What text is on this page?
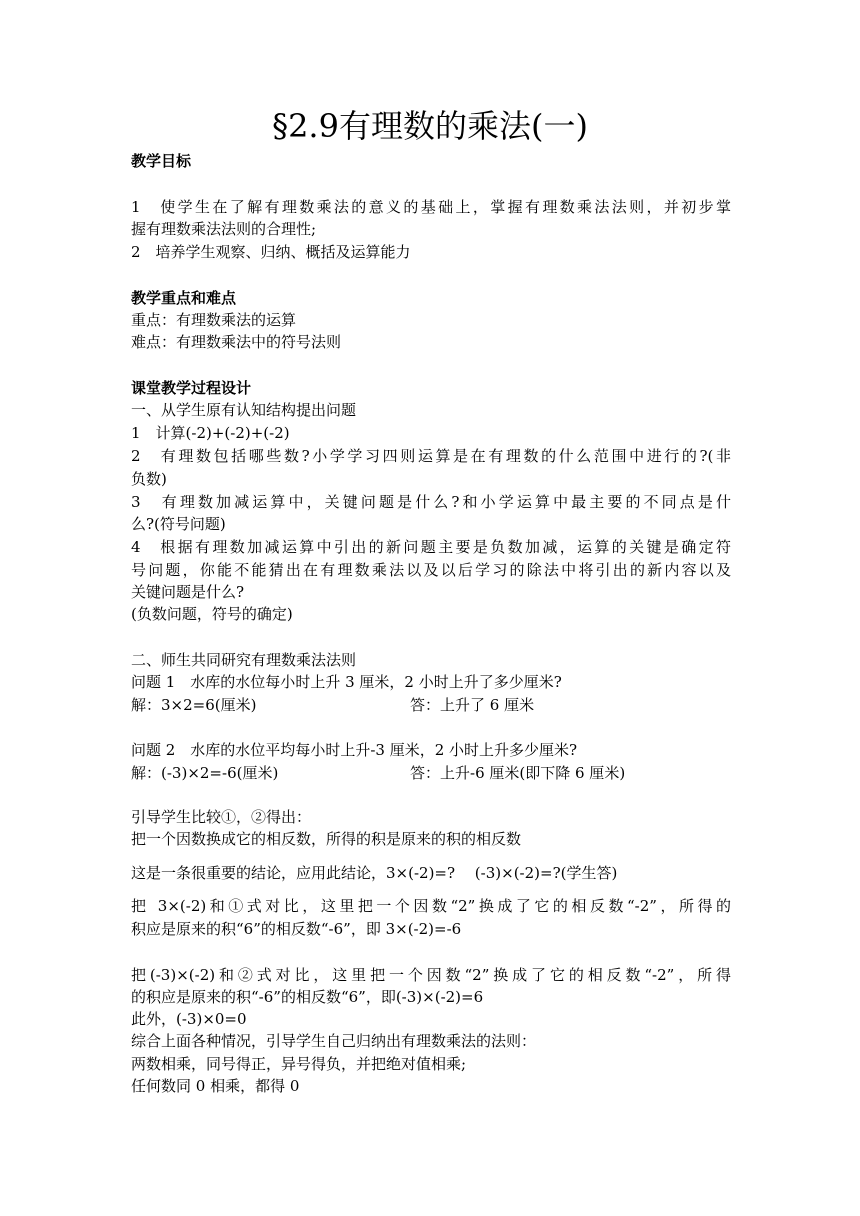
§2.9有理数的乘法(一)

教学目标

1　使学生在了解有理数乘法的意义的基础上，掌握有理数乘法法则，并初步掌

握有理数乘法法则的合理性;

2　培养学生观察、归纳、概括及运算能力

教学重点和难点

重点：有理数乘法的运算

难点：有理数乘法中的符号法则

课堂教学过程设计

一、从学生原有认知结构提出问题

1　计算(-2)+(-2)+(-2)

2　有理数包括哪些数?小学学习四则运算是在有理数的什么范围中进行的?(非

负数)

3　有理数加减运算中，关键问题是什么?和小学运算中最主要的不同点是什

么?(符号问题)

4　根据有理数加减运算中引出的新问题主要是负数加减，运算的关键是确定符

号问题，你能不能猜出在有理数乘法以及以后学习的除法中将引出的新内容以及

关键问题是什么?

(负数问题，符号的确定)

二、师生共同研究有理数乘法法则

问题 1　水库的水位每小时上升 3 厘米，2 小时上升了多少厘米?

解：3×2=6(厘米)	答：上升了 6 厘米

问题 2　水库的水位平均每小时上升-3 厘米，2 小时上升多少厘米?

解：(-3)×2=-6(厘米)	答：上升-6 厘米(即下降 6 厘米)

引导学生比较①，②得出：

把一个因数换成它的相反数，所得的积是原来的积的相反数

这是一条很重要的结论，应用此结论，3×(-2)=?　 (-3)×(-2)=?(学生答)

把 3×(-2)和①式对比，这里把一个因数“2”换成了它的相反数“-2”，所得的

积应是原来的积“6”的相反数“-6”，即 3×(-2)=-6

把(-3)×(-2)和②式对比，这里把一个因数“2”换成了它的相反数“-2”，所得

的积应是原来的积“-6”的相反数“6”，即(-3)×(-2)=6

此外，(-3)×0=0

综合上面各种情况，引导学生自己归纳出有理数乘法的法则：

两数相乘，同号得正，异号得负，并把绝对值相乘;

任何数同 0 相乘，都得 0
